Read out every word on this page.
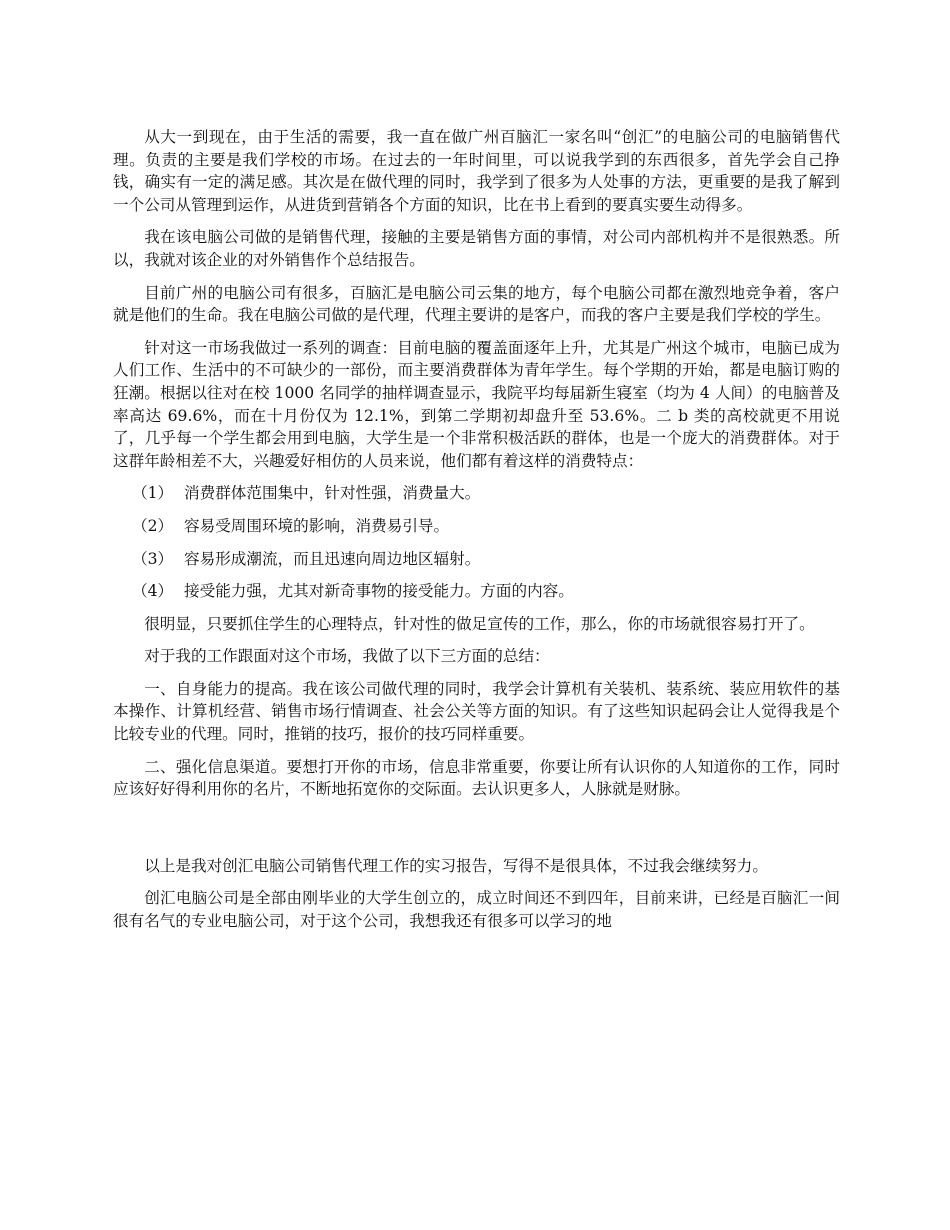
从大一到现在，由于生活的需要，我一直在做广州百脑汇一家名叫“创汇”的电脑公司的电脑销售代理。负责的主要是我们学校的市场。在过去的一年时间里，可以说我学到的东西很多，首先学会自己挣钱，确实有一定的满足感。其次是在做代理的同时，我学到了很多为人处事的方法，更重要的是我了解到一个公司从管理到运作，从进货到营销各个方面的知识，比在书上看到的要真实要生动得多。

我在该电脑公司做的是销售代理，接触的主要是销售方面的事情，对公司内部机构并不是很熟悉。所以，我就对该企业的对外销售作个总结报告。

目前广州的电脑公司有很多，百脑汇是电脑公司云集的地方，每个电脑公司都在激烈地竞争着，客户就是他们的生命。我在电脑公司做的是代理，代理主要讲的是客户，而我的客户主要是我们学校的学生。

针对这一市场我做过一系列的调查：目前电脑的覆盖面逐年上升，尤其是广州这个城市，电脑已成为人们工作、生活中的不可缺少的一部份，而主要消费群体为青年学生。每个学期的开始，都是电脑订购的狂潮。根据以往对在校 1000 名同学的抽样调查显示，我院平均每届新生寝室（均为 4 人间）的电脑普及率高达 69.6%，而在十月份仅为 12.1%，到第二学期初却盘升至 53.6%。二 b 类的高校就更不用说了，几乎每一个学生都会用到电脑，大学生是一个非常积极活跃的群体，也是一个庞大的消费群体。对于这群年龄相差不大，兴趣爱好相仿的人员来说，他们都有着这样的消费特点：

（1） 消费群体范围集中，针对性强，消费量大。
（2） 容易受周围环境的影响，消费易引导。
（3） 容易形成潮流，而且迅速向周边地区辐射。
（4） 接受能力强，尤其对新奇事物的接受能力。方面的内容。

很明显，只要抓住学生的心理特点，针对性的做足宣传的工作，那么，你的市场就很容易打开了。

对于我的工作跟面对这个市场，我做了以下三方面的总结：

一、自身能力的提高。我在该公司做代理的同时，我学会计算机有关装机、装系统、装应用软件的基本操作、计算机经营、销售市场行情调查、社会公关等方面的知识。有了这些知识起码会让人觉得我是个比较专业的代理。同时，推销的技巧，报价的技巧同样重要。

二、强化信息渠道。要想打开你的市场，信息非常重要，你要让所有认识你的人知道你的工作，同时应该好好得利用你的名片，不断地拓宽你的交际面。去认识更多人，人脉就是财脉。

以上是我对创汇电脑公司销售代理工作的实习报告，写得不是很具体，不过我会继续努力。

创汇电脑公司是全部由刚毕业的大学生创立的，成立时间还不到四年，目前来讲，已经是百脑汇一间很有名气的专业电脑公司，对于这个公司，我想我还有很多可以学习的地
